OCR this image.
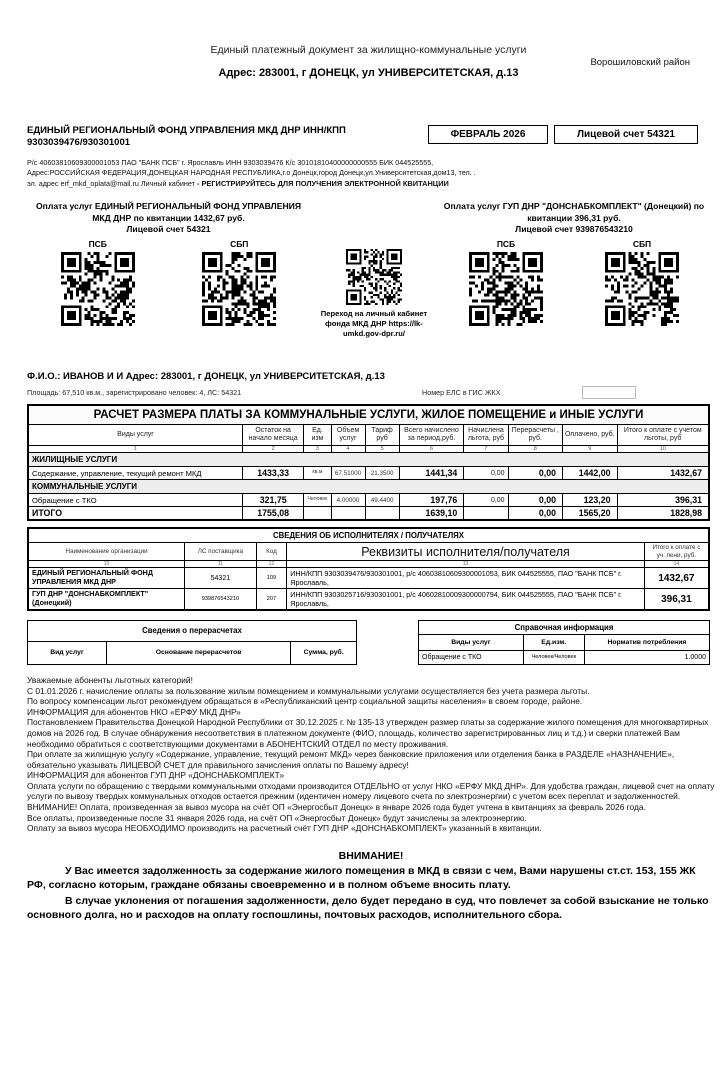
Единый платежный документ за жилищно-коммунальные услуги
Ворошиловский район
Адрес: 283001, г ДОНЕЦК, ул УНИВЕРСИТЕТСКАЯ, д.13
ЕДИНЫЙ РЕГИОНАЛЬНЫЙ ФОНД УПРАВЛЕНИЯ МКД ДНР ИНН/КПП 9303039476/930301001
ФЕВРАЛЬ 2026	Лицевой счет 54321
Р/с 40603810609300001053 ПАО "БАНК ПСБ" г. Ярославль ИНН 9303039476 К/с 30101810400000000555 БИК 044525555,
Адрес:РОССИЙСКАЯ ФЕДЕРАЦИЯ,ДОНЕЦКАЯ НАРОДНАЯ РЕСПУБЛИКА,г.о Донецк,город Донецк,ул.Университетская,дом13, тел. .
эл. адрес erf_mkd_oplata@mail.ru Личный кабинет - РЕГИСТРИРУЙТЕСЬ ДЛЯ ПОЛУЧЕНИЯ ЭЛЕКТРОННОЙ КВИТАНЦИИ
Оплата услуг ЕДИНЫЙ РЕГИОНАЛЬНЫЙ ФОНД УПРАВЛЕНИЯ МКД ДНР по квитанции 1432,67 руб.
Лицевой счет 54321
ПСБ	СБП
Переход на личный кабинет фонда МКД ДНР https://lk-umkd.gov-dpr.ru/
Оплата услуг ГУП ДНР "ДОНСНАБКОМПЛЕКТ" (Донецкий) по квитанции 396,31 руб.
Лицевой счет 939876543210
ПСБ	СБП
Ф.И.О.: ИВАНОВ И И Адрес: 283001, г ДОНЕЦК, ул УНИВЕРСИТЕТСКАЯ, д.13
Площадь: 67,510 кв.м., зарегистрировано человек: 4, ЛС: 54321	Номер ЕЛС в ГИС ЖКХ
РАСЧЕТ РАЗМЕРА ПЛАТЫ ЗА КОММУНАЛЬНЫЕ УСЛУГИ, ЖИЛОЕ ПОМЕЩЕНИЕ и ИНЫЕ УСЛУГИ									
Виды услуг	Остаток на начало месяца	Ед. изм	Объем услуг	Тариф руб	Всего начислено за период,руб.	Начислена льгота, руб	Перерасчеты , руб.	Оплачено, руб.	Итого к оплате с учетом льготы, руб
1	2	3	4	5	6	7	8	9	10
ЖИЛИЩНЫЕ УСЛУГИ									
Содержание, управление, текущий ремонт МКД	1433,33	кв.м	67.51000	21.3500	1441,34	0,00	0,00	1442,00	1432,67
КОММУНАЛЬНЫЕ УСЛУГИ									
Обращение с ТКО	321,75	Человек	4.00000	49.4400	197,76	0,00	0,00	123,20	396,31
ИТОГО	1755,08				1639,10		0,00	1565,20	1828,98
СВЕДЕНИЯ ОБ ИСПОЛНИТЕЛЯХ / ПОЛУЧАТЕЛЯХ				
Наименование организации	ЛС поставщика	Код	Реквизиты исполнителя/получателя	Итого к оплате с уч. пени, руб.
10	11	12	13	14
ЕДИНЫЙ РЕГИОНАЛЬНЫЙ ФОНД УПРАВЛЕНИЯ МКД ДНР	54321	109	ИНН/КПП 9303039476/930301001, р/с 40603810609300001053, БИК 044525555, ПАО "БАНК ПСБ" г. Ярославль,	1432,67
ГУП ДНР "ДОНСНАБКОМПЛЕКТ" (Донецкий)	939876543210	207	ИНН/КПП 9303025716/930301001, р/с 40602810009300000794, БИК 044525555, ПАО "БАНК ПСБ" г. Ярославль,	396,31
Сведения о перерасчетах
Вид услуг	Основание перерасчетов	Сумма, руб.
Справочная информация		
Виды услуг	Ед.изм.	Норматив потребления
Обращение с ТКО	Человек/Человек	1.0000
Уважаемые абоненты льготных категорий!
С 01.01.2026 г. начисление оплаты за пользование жилым помещением и коммунальными услугами осуществляется без учета размера льготы.
По вопросу компенсации льгот рекомендуем обращаться в «Республиканский центр социальной защиты населения» в своем городе, районе.
ИНФОРМАЦИЯ для абонентов НКО «ЕРФУ МКД ДНР»
Постановлением Правительства Донецкой Народной Республики от 30.12.2025 г. № 135-13 утвержден размер платы за содержание жилого помещения для многоквартирных домов на 2026 год. В случае обнаружения несоответствия в платежном документе (ФИО, площадь, количество зарегистрированных лиц и т.д.) и сверки платежей Вам необходимо обратиться с соответствующими документами в АБОНЕНТСКИЙ ОТДЕЛ по месту проживания.
При оплате за жилищную услугу «Содержание, управление, текущий ремонт МКД» через банковские приложения или отделения банка в РАЗДЕЛЕ «НАЗНАЧЕНИЕ», обязательно указывать ЛИЦЕВОЙ СЧЕТ для правильного зачисления оплаты по Вашему адресу!
ИНФОРМАЦИЯ для абонентов ГУП ДНР «ДОНСНАБКОМПЛЕКТ»
Оплата услуги по обращению с твердыми коммунальными отходами производится ОТДЕЛЬНО от услуг НКО «ЕРФУ МКД ДНР». Для удобства граждан, лицевой счет на оплату услуги по вывозу твердых коммунальных отходов остается прежним (идентичен номеру лицевого счета по электроэнергии) с учетом всех переплат и задолженностей.
ВНИМАНИЕ! Оплата, произведенная за вывоз мусора на счёт ОП «Энергосбыт Донецк» в январе 2026 года будет учтена в квитанциях за февраль 2026 года.
Все оплаты, произведенные после 31 января 2026 года, на счёт ОП «Энергосбыт Донецк» будут зачислены за электроэнергию.
Оплату за вывоз мусора НЕОБХОДИМО производить на расчетный счёт ГУП ДНР «ДОНСНАБКОМПЛЕКТ» указанный в квитанции.
ВНИМАНИЕ!

У Вас имеется задолженность за содержание жилого помещения в МКД в связи с чем, Вами нарушены ст.ст. 153, 155 ЖК РФ, согласно которым, граждане обязаны своевременно и в полном объеме вносить плату.

В случае уклонения от погашения задолженности, дело будет передано в суд, что повлечет за собой взыскание не только основного долга, но и расходов на оплату госпошлины, почтовых расходов, исполнительного сбора.
